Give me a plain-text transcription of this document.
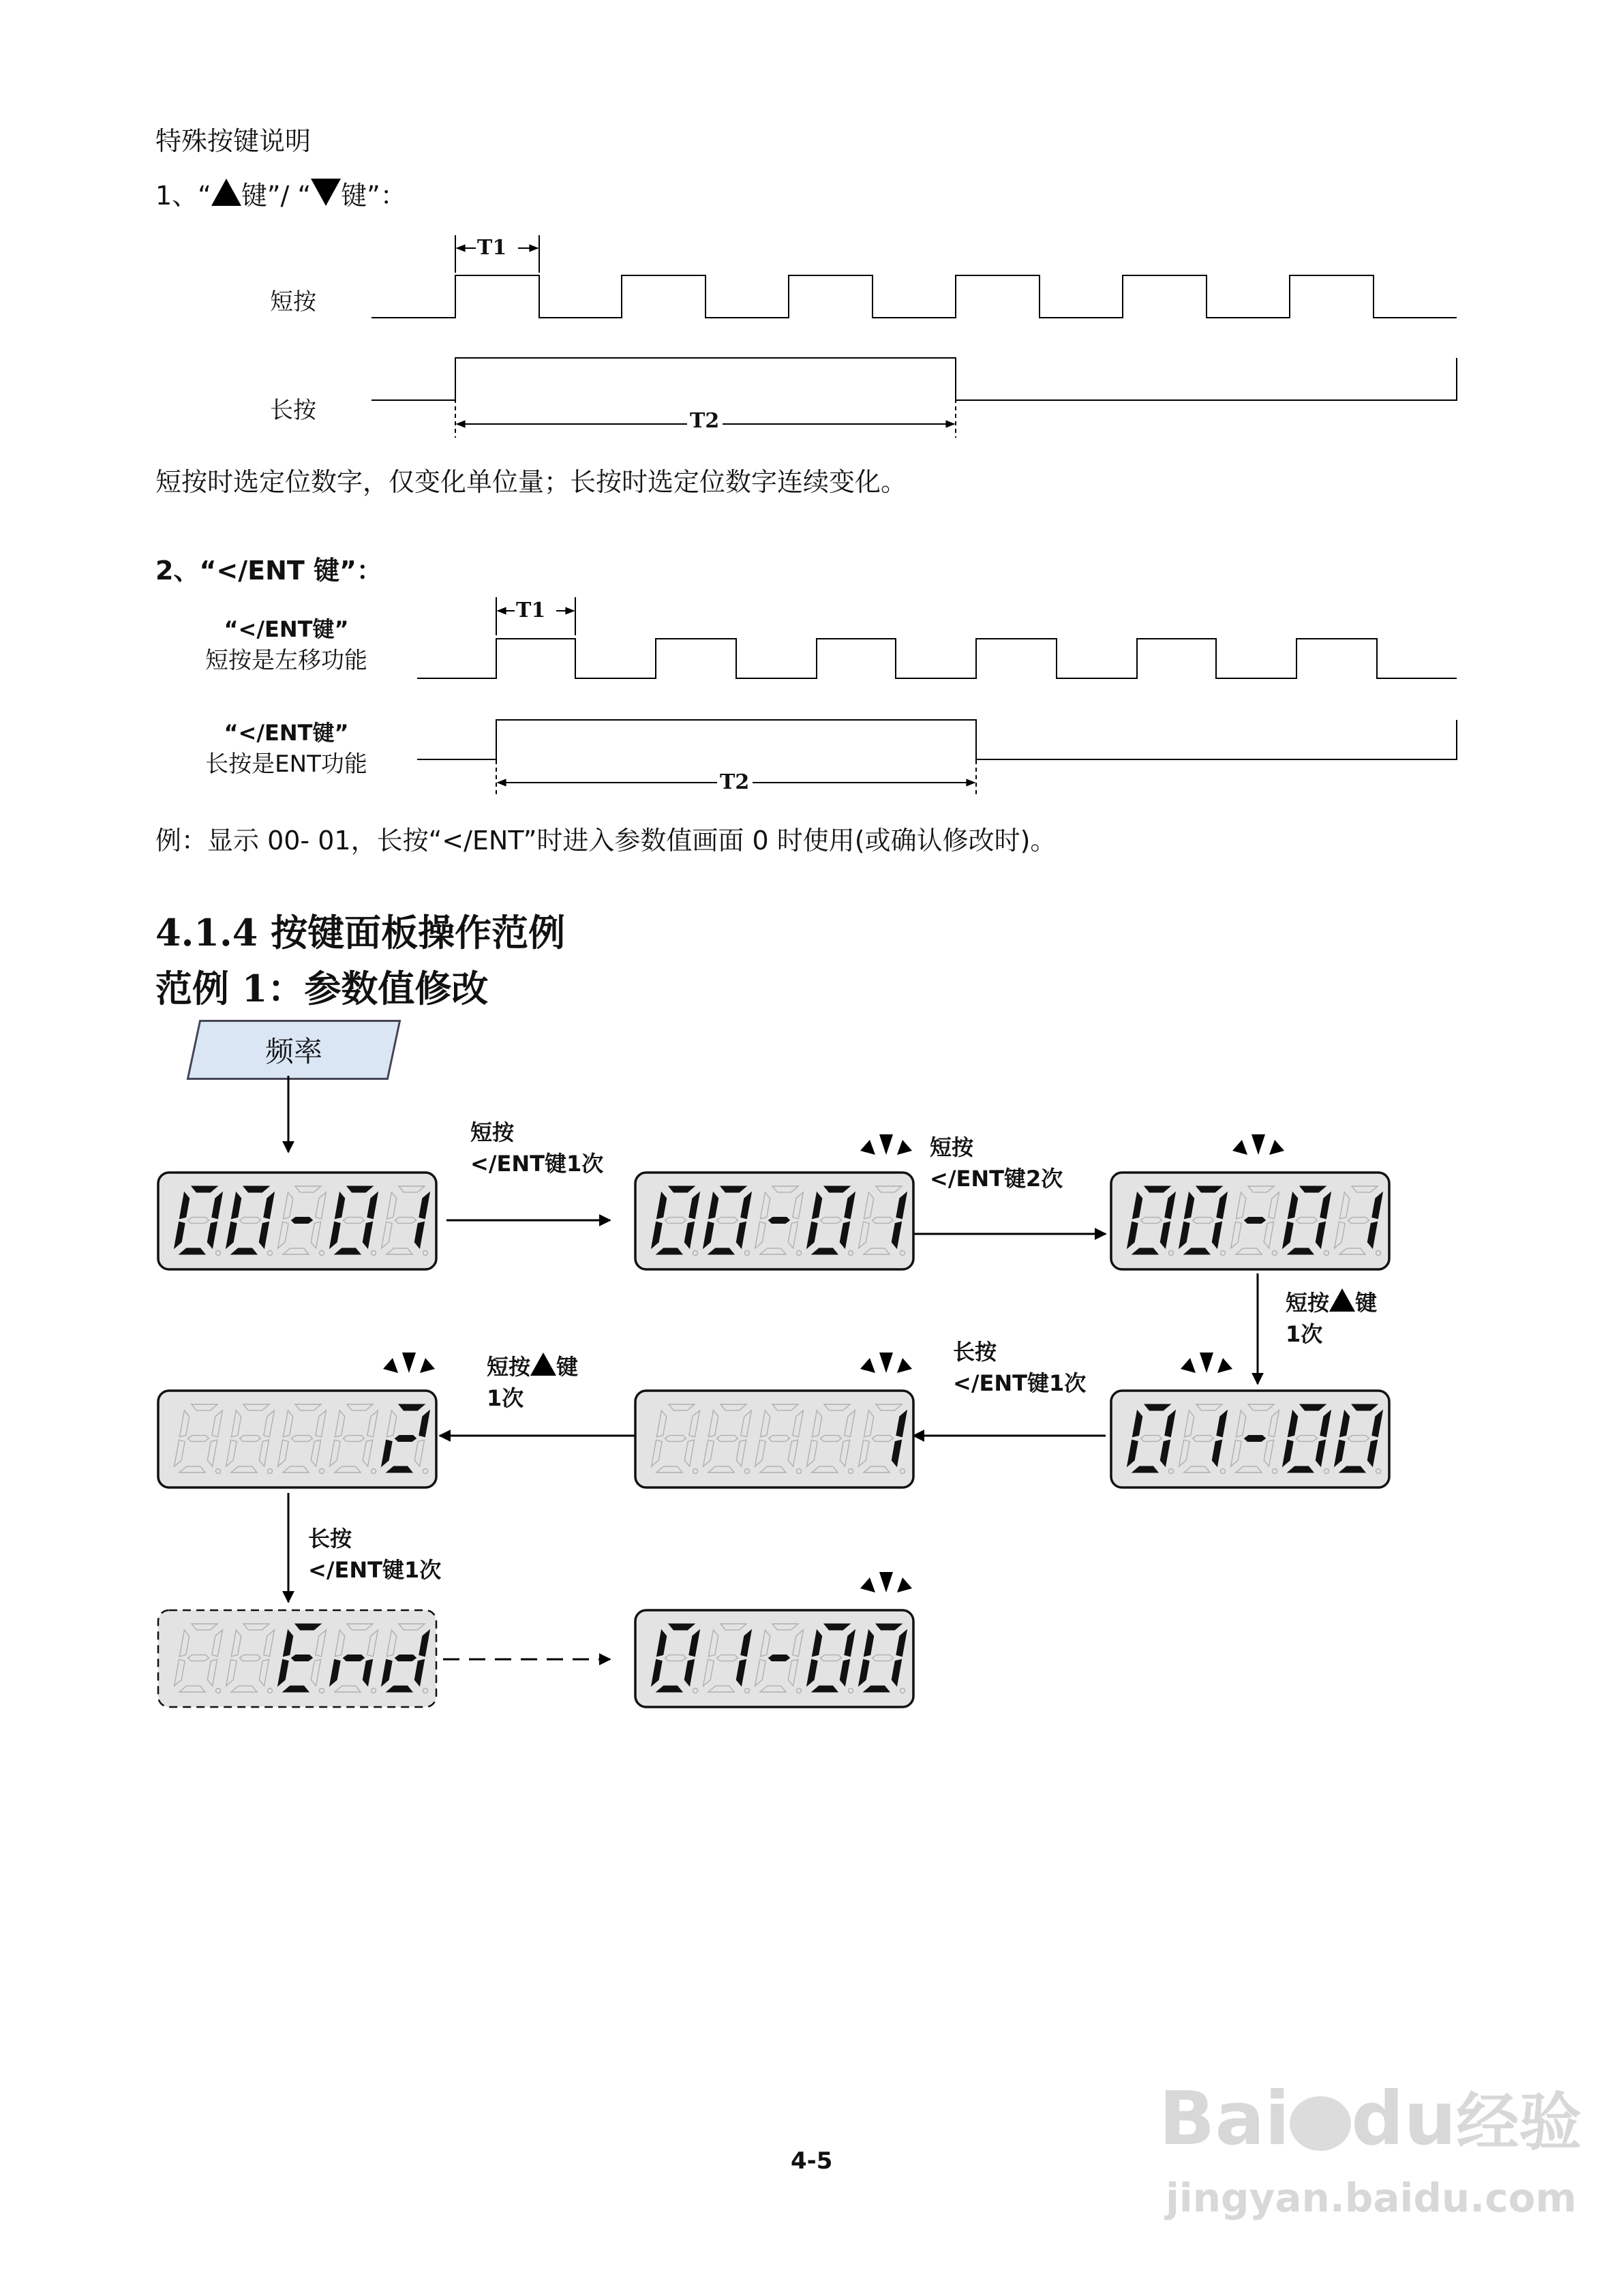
特殊按键说明
1、“ 键”/ “ 键”：
短按
长按
T1
T2
短按时选定位数字，仅变化单位量；长按时选定位数字连续变化。
2、“</ENT 键”：
“</ENT键”
短按是左移功能
“</ENT键”
长按是ENT功能
T1
T2
例：显示 00- 01，长按“</ENT”时进入参数值画面 0 时使用(或确认修改时)。
4.1.4 按键面板操作范例
范例 1：参数值修改
频率
短按
</ENT键1次
短按
</ENT键2次
短按 键
1次
长按
</ENT键1次
短按 键
1次
长按
</ENT键1次
4-5	Bai du经验
jingyan.baidu.com
